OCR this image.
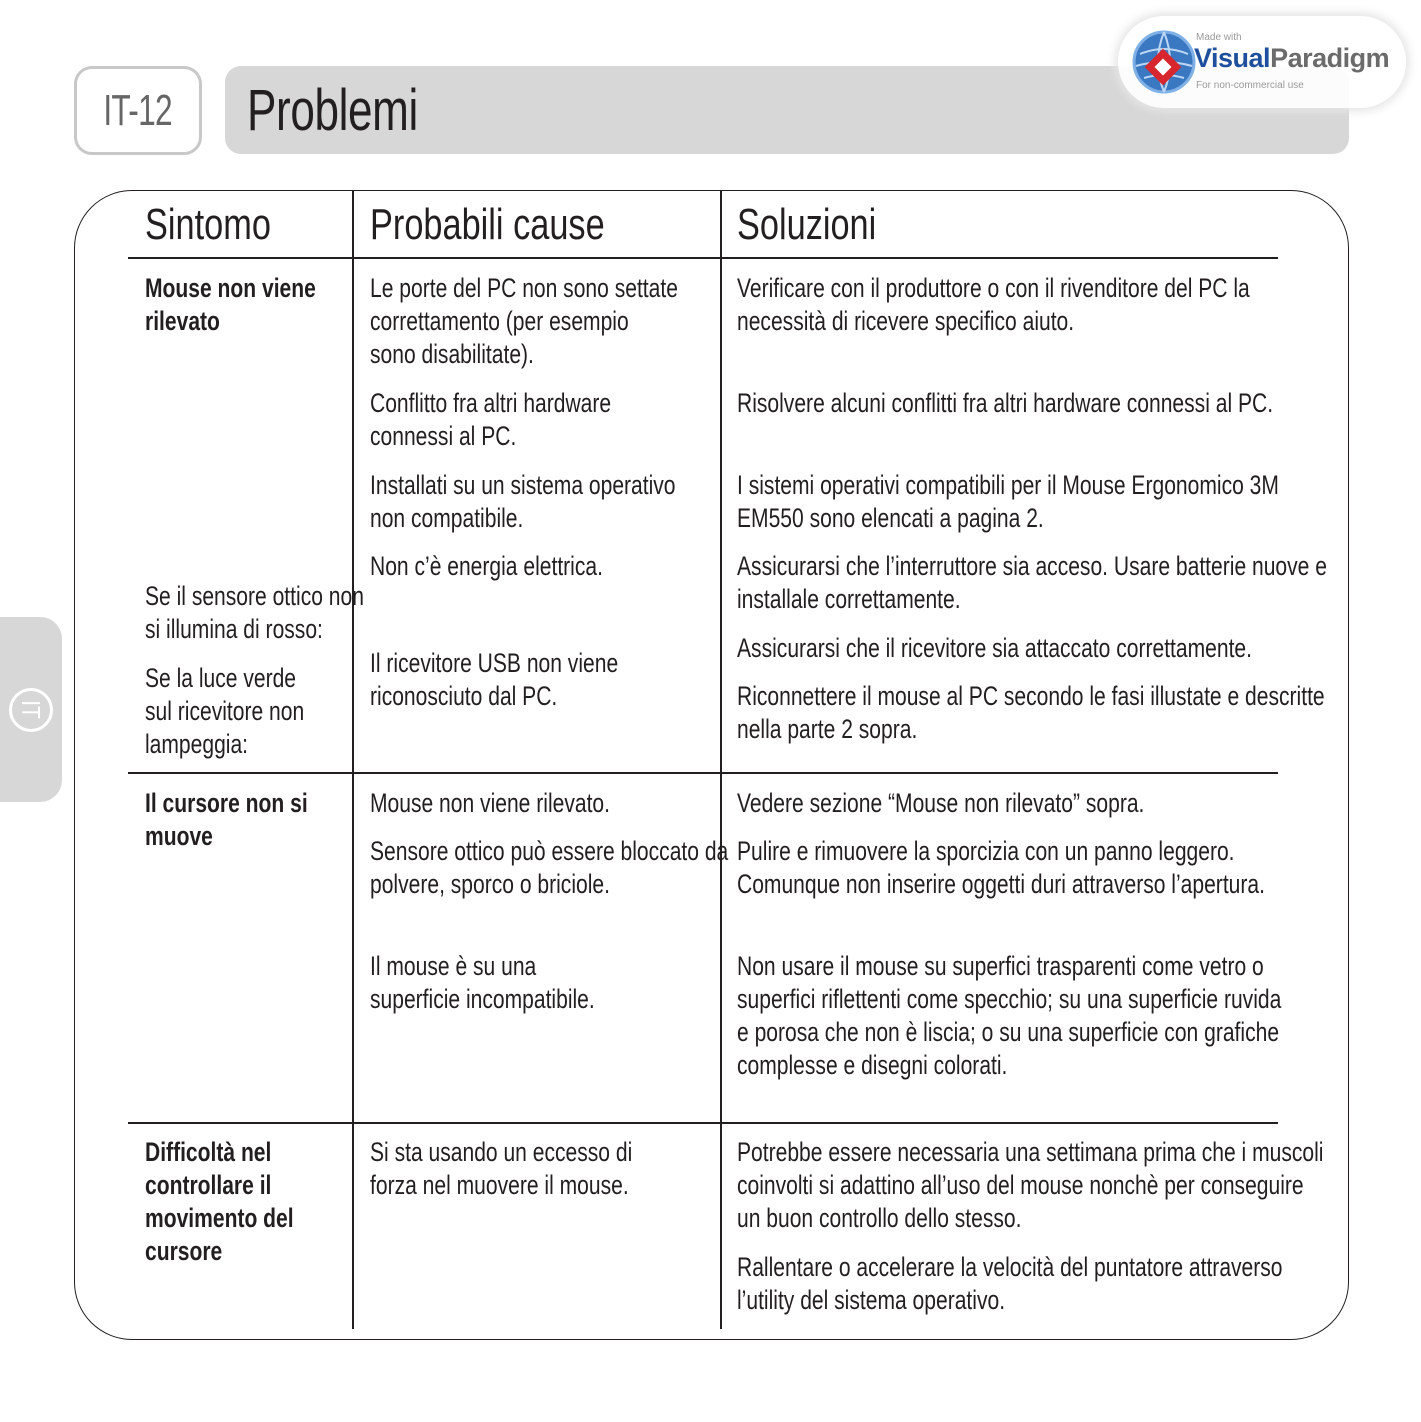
IT-12 Problemi
Made with
VisualParadigm
For non-commercial use
IT
Sintomo Probabili cause	Soluzioni
Mouse non viene
rilevato
Se il sensore ottico non
si illumina di rosso:
Se la luce verde
sul ricevitore non
lampeggia:
Le porte del PC non sono settate
correttamento (per esempio
sono disabilitate).
Conflitto fra altri hardware
connessi al PC.
Installati su un sistema operativo
non compatibile.
Non c’è energia elettrica.
Il ricevitore USB non viene
riconosciuto dal PC.
Verificare con il produttore o con il rivenditore del PC la
necessità di ricevere specifico aiuto.
Risolvere alcuni conflitti fra altri hardware connessi al PC.
I sistemi operativi compatibili per il Mouse Ergonomico 3M
EM550 sono elencati a pagina 2.
Assicurarsi che l’interruttore sia acceso. Usare batterie nuove e
installale correttamente.
Assicurarsi che il ricevitore sia attaccato correttamente.
Riconnettere il mouse al PC secondo le fasi illustate e descritte
nella parte 2 sopra.
Il cursore non si
muove
Mouse non viene rilevato.
Sensore ottico può essere bloccato da
polvere, sporco o briciole.
Il mouse è su una
superficie incompatibile.
Vedere sezione “Mouse non rilevato” sopra.
Pulire e rimuovere la sporcizia con un panno leggero.
Comunque non inserire oggetti duri attraverso l’apertura.
Non usare il mouse su superfici trasparenti come vetro o
superfici riflettenti come specchio; su una superficie ruvida
e porosa che non è liscia; o su una superficie con grafiche
complesse e disegni colorati.
Difficoltà nel
controllare il
movimento del
cursore
Si sta usando un eccesso di
forza nel muovere il mouse.
Potrebbe essere necessaria una settimana prima che i muscoli
coinvolti si adattino all’uso del mouse nonchè per conseguire
un buon controllo dello stesso.
Rallentare o accelerare la velocità del puntatore attraverso
l’utility del sistema operativo.
